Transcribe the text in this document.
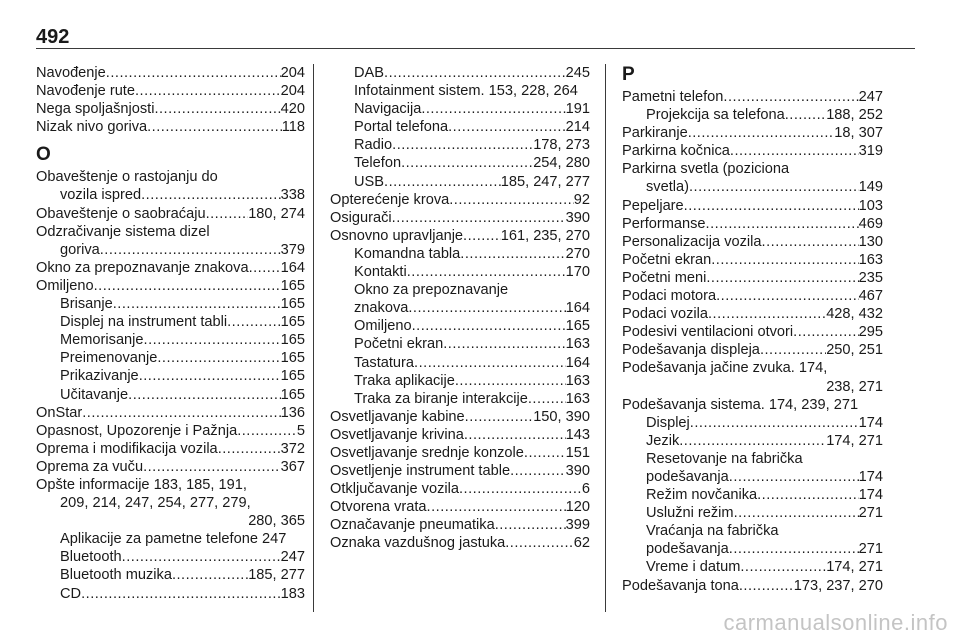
492
Navođenje .....	204
Navođenje rute .....	204
Nega spoljašnjosti .....	420
Nizak nivo goriva .....	118
O
Obaveštenje o rastojanju do
vozila ispred .....	338
Obaveštenje o saobraćaju .....	180, 274
Odzračivanje sistema dizel
goriva .....	379
Okno za prepoznavanje znakova ..... 164
Omiljeno .....	165
Brisanje .....	165
Displej na instrument tabli .....	165
Memorisanje .....	165
Preimenovanje .....	165
Prikazivanje .....	165
Učitavanje .....	165
OnStar .....	136
Opasnost, Upozorenje i Pažnja .....	5
Oprema i modifikacija vozila .....	372
Oprema za vuču .....	367
Opšte informacije 183, 185, 191,
209, 214, 247, 254, 277, 279,
280, 365
Aplikacije za pametne telefone 247
Bluetooth .....	247
Bluetooth muzika .....	185, 277
CD .....	183
DAB .....	245
Infotainment sistem. 153, 228, 264
Navigacija .....	191
Portal telefona .....	214
Radio .....	178, 273
Telefon .....	254, 280
USB .....	185, 247, 277
Opterećenje krova .....	92
Osigurači .....	390
Osnovno upravljanje .....	161, 235, 270
Komandna tabla .....	270
Kontakti .....	170
Okno za prepoznavanje
znakova .....	164
Omiljeno .....	165
Početni ekran .....	163
Tastatura .....	164
Traka aplikacije .....	163
Traka za biranje interakcije .....	163
Osvetljavanje kabine .....	150, 390
Osvetljavanje krivina .....	143
Osvetljavanje srednje konzole .....	151
Osvetljenje instrument table .....	390
Otključavanje vozila .....	6
Otvorena vrata .....	120
Označavanje pneumatika .....	399
Oznaka vazdušnog jastuka .....	62
P
Pametni telefon .....	247
Projekcija sa telefona .....	188, 252
Parkiranje .....	18, 307
Parkirna kočnica .....	319
Parkirna svetla (poziciona
svetla) .....	149
Pepeljare .....	103
Performanse .....	469
Personalizacija vozila .....	130
Početni ekran .....	163
Početni meni .....	235
Podaci motora .....	467
Podaci vozila .....	428, 432
Podesivi ventilacioni otvori .....	295
Podešavanja displeja .....	250, 251
Podešavanja jačine zvuka. 174,
238, 271
Podešavanja sistema. 174, 239, 271
Displej .....	174
Jezik .....	174, 271
Resetovanje na fabrička
podešavanja .....	174
Režim novčanika .....	174
Uslužni režim .....	271
Vraćanja na fabrička
podešavanja .....	271
Vreme i datum .....	174, 271
Podešavanja tona .....	173, 237, 270
carmanualsonline.info
